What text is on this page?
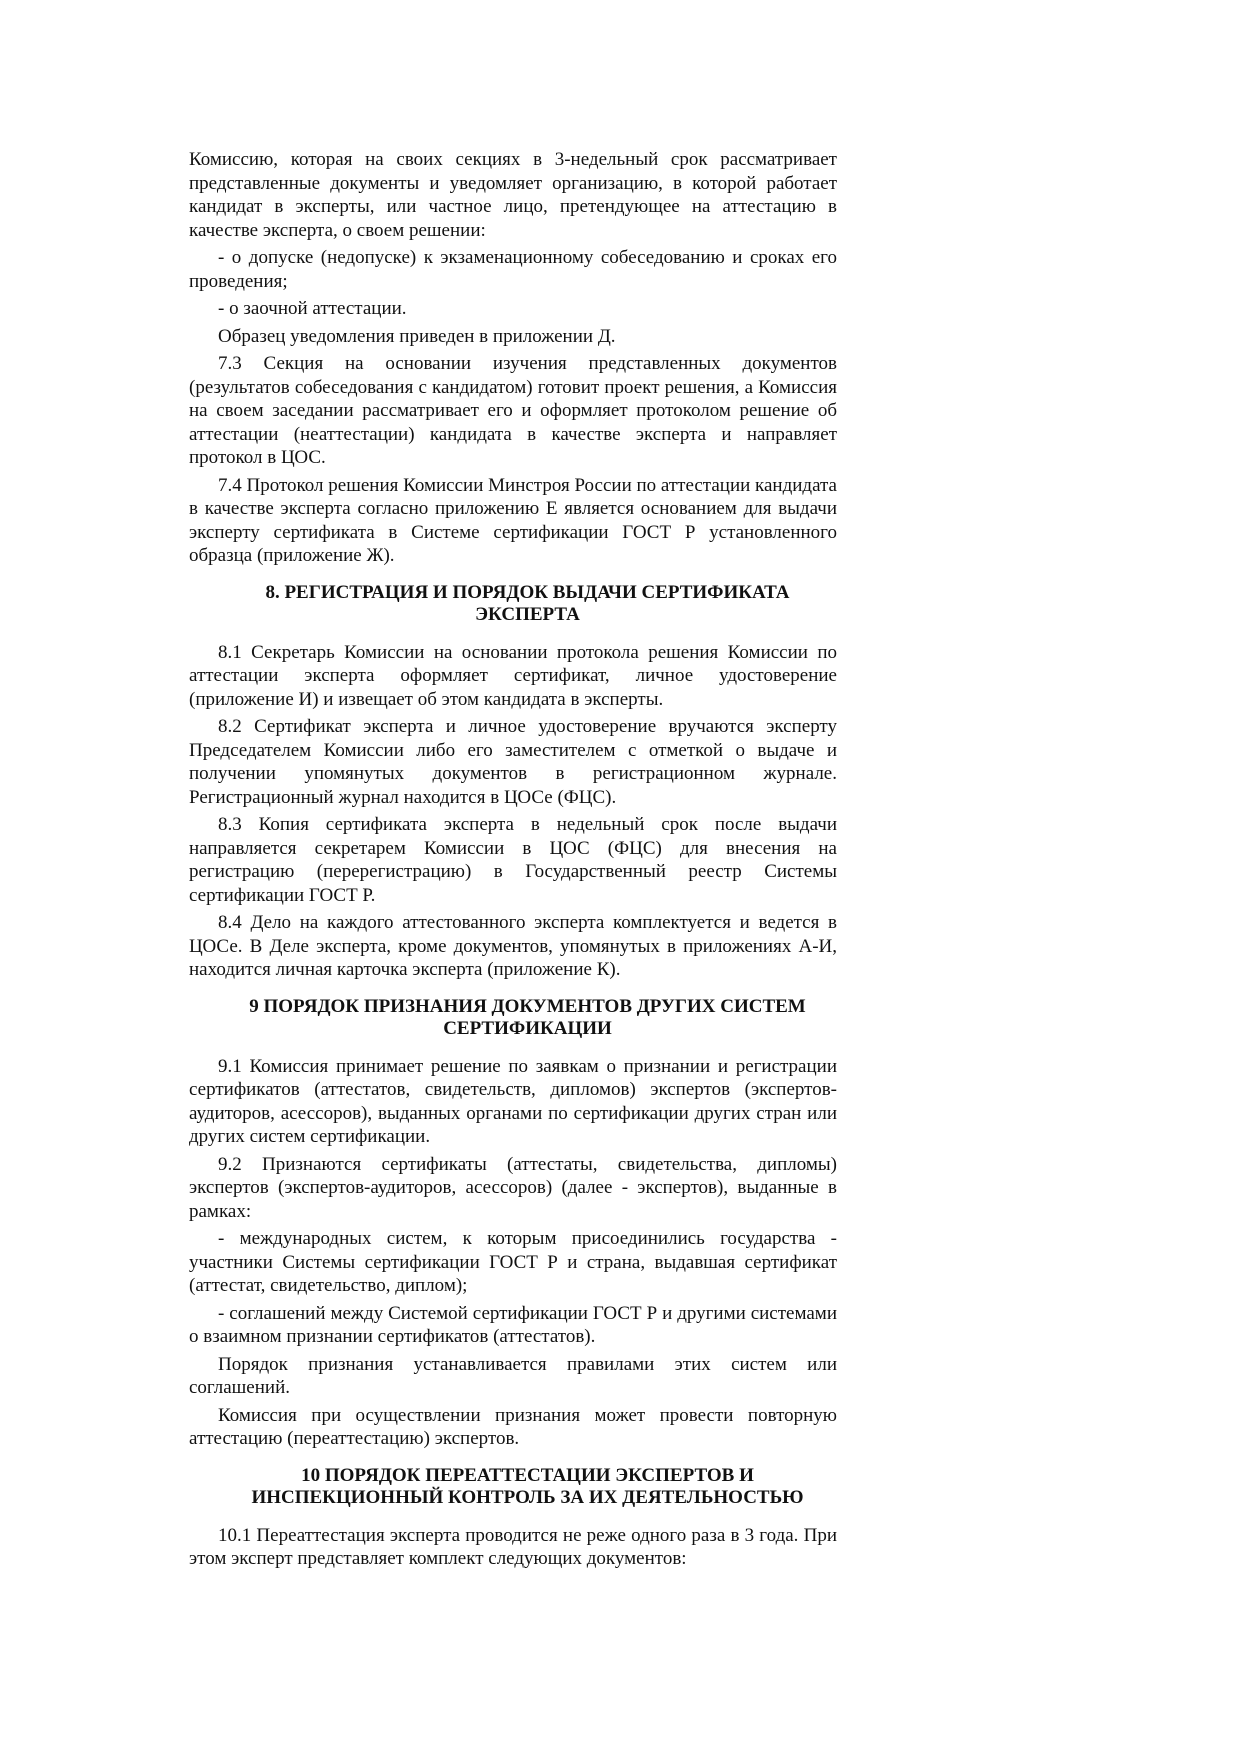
Комиссию, которая на своих секциях в 3-недельный срок рассматривает представленные документы и уведомляет организацию, в которой работает кандидат в эксперты, или частное лицо, претендующее на аттестацию в качестве эксперта, о своем решении:

- о допуске (недопуске) к экзаменационному собеседованию и сроках его проведения;

- о заочной аттестации.

Образец уведомления приведен в приложении Д.

7.3 Секция на основании изучения представленных документов (результатов собеседования с кандидатом) готовит проект решения, а Комиссия на своем заседании рассматривает его и оформляет протоколом решение об аттестации (неаттестации) кандидата в качестве эксперта и направляет протокол в ЦОС.

7.4 Протокол решения Комиссии Минстроя России по аттестации кандидата в качестве эксперта согласно приложению Е является основанием для выдачи эксперту сертификата в Системе сертификации ГОСТ Р установленного образца (приложение Ж).

8. РЕГИСТРАЦИЯ И ПОРЯДОК ВЫДАЧИ СЕРТИФИКАТА ЭКСПЕРТА

8.1 Секретарь Комиссии на основании протокола решения Комиссии по аттестации эксперта оформляет сертификат, личное удостоверение (приложение И) и извещает об этом кандидата в эксперты.

8.2 Сертификат эксперта и личное удостоверение вручаются эксперту Председателем Комиссии либо его заместителем с отметкой о выдаче и получении упомянутых документов в регистрационном журнале. Регистрационный журнал находится в ЦОСе (ФЦС).

8.3 Копия сертификата эксперта в недельный срок после выдачи направляется секретарем Комиссии в ЦОС (ФЦС) для внесения на регистрацию (перерегистрацию) в Государственный реестр Системы сертификации ГОСТ Р.

8.4 Дело на каждого аттестованного эксперта комплектуется и ведется в ЦОСе. В Деле эксперта, кроме документов, упомянутых в приложениях А-И, находится личная карточка эксперта (приложение К).

9 ПОРЯДОК ПРИЗНАНИЯ ДОКУМЕНТОВ ДРУГИХ СИСТЕМ СЕРТИФИКАЦИИ

9.1 Комиссия принимает решение по заявкам о признании и регистрации сертификатов (аттестатов, свидетельств, дипломов) экспертов (экспертов-аудиторов, асессоров), выданных органами по сертификации других стран или других систем сертификации.

9.2 Признаются сертификаты (аттестаты, свидетельства, дипломы) экспертов (экспертов-аудиторов, асессоров) (далее - экспертов), выданные в рамках:

- международных систем, к которым присоединились государства - участники Системы сертификации ГОСТ Р и страна, выдавшая сертификат (аттестат, свидетельство, диплом);

- соглашений между Системой сертификации ГОСТ Р и другими системами о взаимном признании сертификатов (аттестатов).

Порядок признания устанавливается правилами этих систем или соглашений.

Комиссия при осуществлении признания может провести повторную аттестацию (переаттестацию) экспертов.

10 ПОРЯДОК ПЕРЕАТТЕСТАЦИИ ЭКСПЕРТОВ И ИНСПЕКЦИОННЫЙ КОНТРОЛЬ ЗА ИХ ДЕЯТЕЛЬНОСТЬЮ

10.1 Переаттестация эксперта проводится не реже одного раза в 3 года. При этом эксперт представляет комплект следующих документов:
